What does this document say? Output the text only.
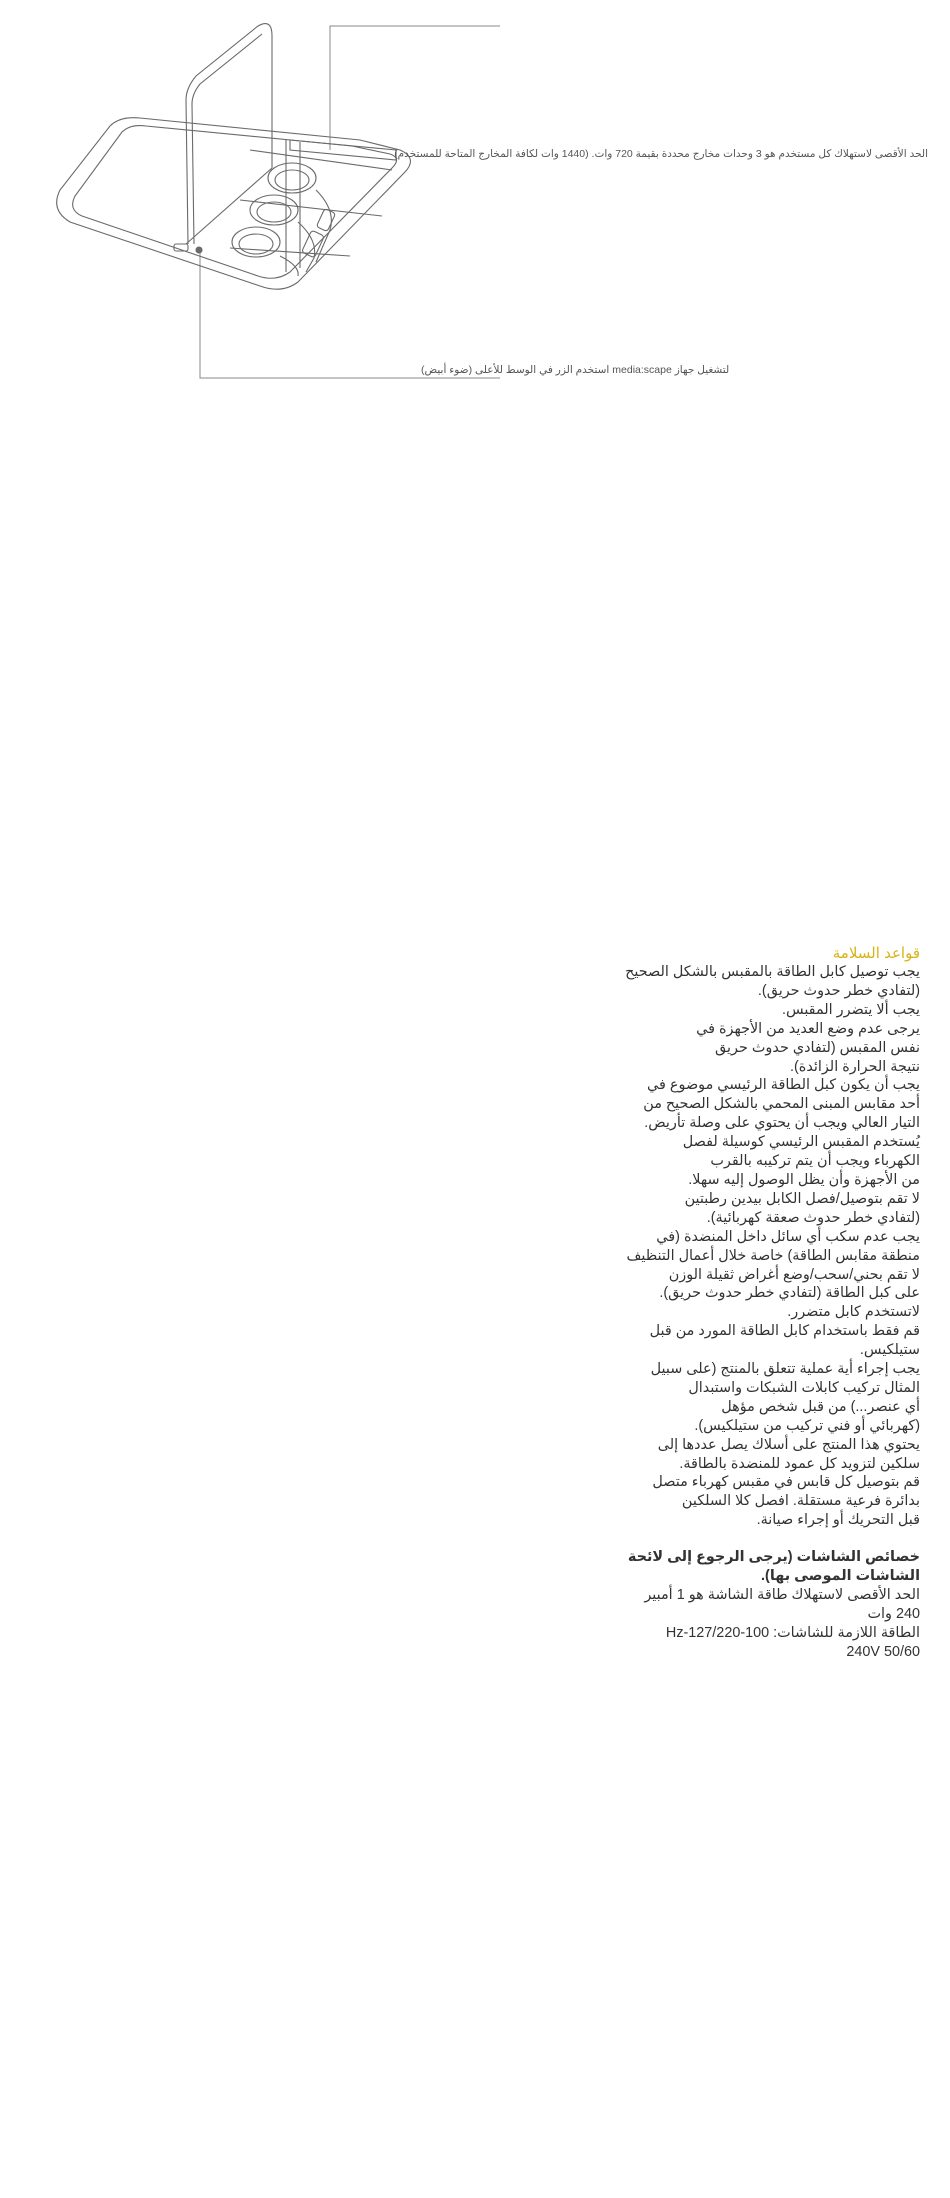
الحد الأقصى لاستهلاك كل مستخدم هو 3 وحدات مخارج محددة بقيمة 720 وات. (1440 وات لكافة المخارج المتاحة للمستخدم)
لتشغيل جهاز media:scape استخدم الزر في الوسط للأعلى (ضوء أبيض)
قواعد السلامة
يجب توصيل كابل الطاقة بالمقبس بالشكل الصحيح
(لتفادي خطر حدوث حريق).
يجب ألا يتضرر المقبس.
يرجى عدم وضع العديد من الأجهزة في
نفس المقبس (لتفادي حدوث حريق
نتيجة الحرارة الزائدة).
يجب أن يكون كبل الطاقة الرئيسي موضوع في
أحد مقابس المبنى المحمي بالشكل الصحيح من
التيار العالي ويجب أن يحتوي على وصلة تأريض.
يُستخدم المقبس الرئيسي كوسيلة لفصل
الكهرباء ويجب أن يتم تركيبه بالقرب
من الأجهزة وأن يظل الوصول إليه سهلا.
لا تقم بتوصيل/فصل الكابل بيدين رطبتين
(لتفادي خطر حدوث صعقة كهربائية).
يجب عدم سكب أي سائل داخل المنضدة (في
منطقة مقابس الطاقة) خاصة خلال أعمال التنظيف
لا تقم بحني/سحب/وضع أغراض ثقيلة الوزن
على كبل الطاقة (لتفادي خطر حدوث حريق).
لاتستخدم كابل متضرر.
قم فقط باستخدام كابل الطاقة المورد من قبل ستيلكيس.
يجب إجراء أية عملية تتعلق بالمنتج (على سبيل
المثال تركيب كابلات الشبكات واستبدال
أي عنصر...) من قبل شخص مؤهل
(كهربائي أو فني تركيب من ستيلكيس).
يحتوي هذا المنتج على أسلاك يصل عددها إلى
سلكين لتزويد كل عمود للمنضدة بالطاقة.
قم بتوصيل كل قابس في مقبس كهرباء متصل
بدائرة فرعية مستقلة. افصل كلا السلكين
قبل التحريك أو إجراء صيانة.

خصائص الشاشات (يرجى الرجوع إلى لائحة

الشاشات الموصى بها).

الحد الأقصى لاستهلاك طاقة الشاشة هو 1 أمبير

240 وات

الطاقة اللازمة للشاشات: Hz-127/220-100

240V 50/60
